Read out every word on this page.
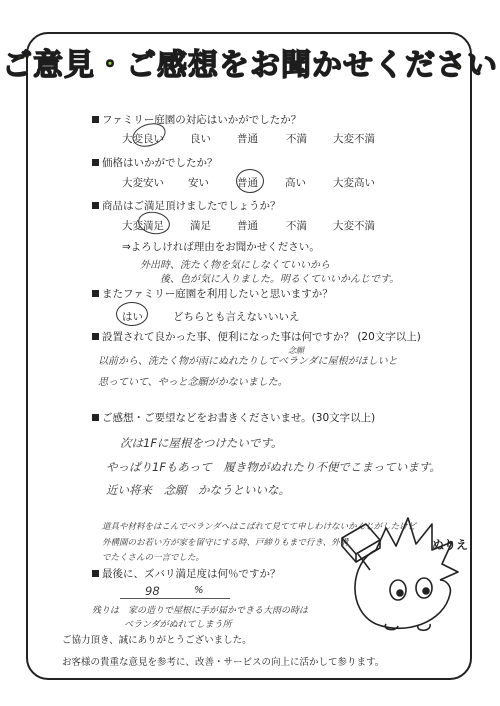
ご意見・ご感想をお聞かせください
ファミリー庭園の対応はいかがでしたか？
大変良い 良い 普通	不満 大変不満
価格はいかがでしたか？
大変安い 安い	普通	高い	大変高い
商品はご満足頂けましたでしょうか？
大変満足 満足 普通	不満 大変不満
⇒よろしければ理由をお聞かせください。
外出時、洗たく物を気にしなくていいから
後、色が気に入りました。明るくていいかんじです。
またファミリー庭園を利用したいと思いますか？
はい	どちらとも言えない いいえ
設置されて良かった事、便利になった事は何ですか？ (20文字以上)
念願
以前から、洗たく物が雨にぬれたりしてベランダに屋根がほしいと
思っていて、やっと念願がかないました。
ご感想・ご要望などをお書きくださいませ。(30文字以上)
次は1Fに屋根をつけたいです。
やっぱり1Fもあって　履き物がぬれたり不便でこまっています。
近い将来　念願　かなうといいな。
道具や材料をはこんでベランダへはこばれて見てて申しわけないかんじがしたけど
外構園のお若い方が家を留守にする時、戸締りもまで行き、外構
でたくさんの一言でした。
最後に、ズバリ満足度は何％ですか？
98	%
残りは　家の造りで屋根に手が届かできる大雨の時は
ベランダがぬれてしまう所
ご協力頂き、誠にありがとうございました。
お客様の貴重な意見を参考に、改善・サービスの向上に活かして参ります。
ぬりえ
